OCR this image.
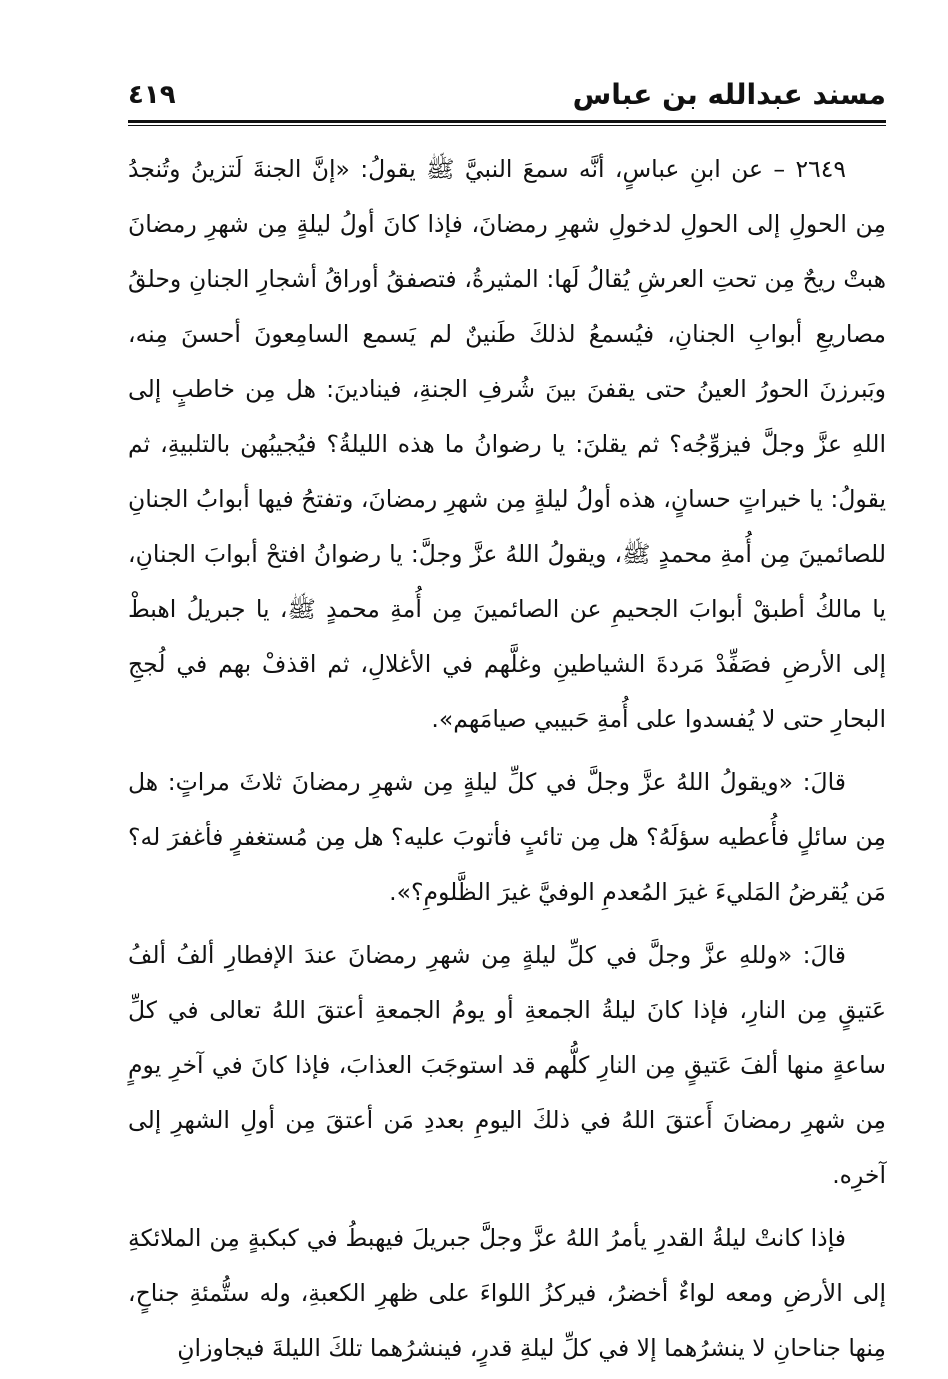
مسند عبدالله بن عباس
٤١٩

٢٦٤٩ – عن ابنِ عباسٍ، أنَّه سمعَ النبيَّ ﷺ يقولُ: «إنَّ الجنةَ لَتزينُ وتُنجدُ مِن الحولِ إلى الحولِ لدخولِ شهرِ رمضانَ، فإذا كانَ أولُ ليلةٍ مِن شهرِ رمضانَ هبتْ ريحٌ مِن تحتِ العرشِ يُقالُ لَها: المثيرةُ، فتصفقُ أوراقُ أشجارِ الجنانِ وحلقُ مصاريعِ أبوابِ الجنانِ، فيُسمعُ لذلكَ طَنينٌ لم يَسمع السامِعونَ أحسنَ مِنه، وبَبرزنَ الحورُ العينُ حتى يقفنَ بينَ شُرفِ الجنةِ، فينادينَ: هل مِن خاطبٍ إلى اللهِ عزَّ وجلَّ فيزوِّجُه؟ ثم يقلنَ: يا رضوانُ ما هذه الليلةُ؟ فيُجيبُهن بالتلبيةِ، ثم يقولُ: يا خيراتٍ حسانٍ، هذه أولُ ليلةٍ مِن شهرِ رمضانَ، وتفتحُ فيها أبوابُ الجنانِ للصائمينَ مِن أُمةِ محمدٍ ﷺ، ويقولُ اللهُ عزَّ وجلَّ: يا رضوانُ افتحْ أبوابَ الجنانِ، يا مالكُ أطبقْ أبوابَ الجحيمِ عن الصائمينَ مِن أُمةِ محمدٍ ﷺ، يا جبريلُ اهبطْ إلى الأرضِ فصَفِّدْ مَردةَ الشياطينِ وغلَّهم في الأغلالِ، ثم اقذفْ بهم في لُججِ البحارِ حتى لا يُفسدوا على أُمةِ حَبيبي صيامَهم».

قالَ: «ويقولُ اللهُ عزَّ وجلَّ في كلِّ ليلةٍ مِن شهرِ رمضانَ ثلاثَ مراتٍ: هل مِن سائلٍ فأُعطيه سؤلَهُ؟ هل مِن تائبٍ فأتوبَ عليه؟ هل مِن مُستغفرٍ فأغفرَ له؟ مَن يُقرضُ المَليءَ غيرَ المُعدمِ الوفيَّ غيرَ الظَّلومِ؟».

قالَ: «وللهِ عزَّ وجلَّ في كلِّ ليلةٍ مِن شهرِ رمضانَ عندَ الإفطارِ ألفُ ألفُ عَتيقٍ مِن النارِ، فإذا كانَ ليلةُ الجمعةِ أو يومُ الجمعةِ أعتقَ اللهُ تعالى في كلِّ ساعةٍ منها ألفَ عَتيقٍ مِن النارِ كلُّهم قد استوجَبَ العذابَ، فإذا كانَ في آخرِ يومٍ مِن شهرِ رمضانَ أَعتقَ اللهُ في ذلكَ اليومِ بعددِ مَن أعتقَ مِن أولِ الشهرِ إلى آخرِه.

فإذا كانتْ ليلةُ القدرِ يأمرُ اللهُ عزَّ وجلَّ جبريلَ فيهبطُ في كبكبةٍ مِن الملائكةِ إلى الأرضِ ومعه لواءٌ أخضرُ، فيركزُ اللواءَ على ظهرِ الكعبةِ، وله ستُّمئةِ جناحٍ، مِنها جناحانِ لا ينشرُهما إلا في كلِّ ليلةِ قدرٍ، فينشرُهما تلكَ الليلةَ فيجاوزانِ
